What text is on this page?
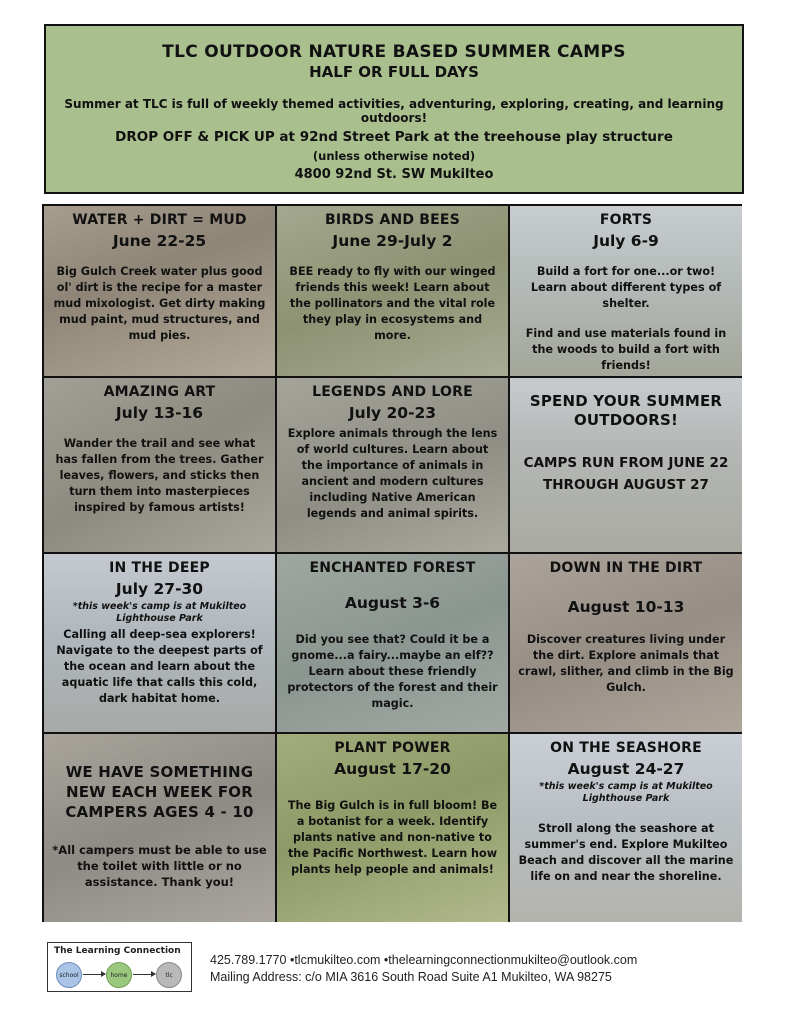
TLC OUTDOOR NATURE BASED SUMMER CAMPS
HALF OR FULL DAYS
Summer at TLC is full of weekly themed activities, adventuring, exploring, creating, and learning outdoors!
DROP OFF & PICK UP at 92nd Street Park at the treehouse play structure
(unless otherwise noted)
4800 92nd St. SW Mukilteo
WATER + DIRT = MUD
June 22-25
Big Gulch Creek water plus good ol' dirt is the recipe for a master mud mixologist. Get dirty making mud paint, mud structures, and mud pies.
BIRDS AND BEES
June 29-July 2
BEE ready to fly with our winged friends this week! Learn about the pollinators and the vital role they play in ecosystems and more.
FORTS
July 6-9
Build a fort for one...or two! Learn about different types of shelter.
Find and use materials found in the woods to build a fort with friends!
AMAZING ART
July 13-16
Wander the trail and see what has fallen from the trees. Gather leaves, flowers, and sticks then turn them into masterpieces inspired by famous artists!
LEGENDS AND LORE
July 20-23
Explore animals through the lens of world cultures. Learn about the importance of animals in ancient and modern cultures including Native American legends and animal spirits.
SPEND YOUR SUMMER OUTDOORS!
CAMPS RUN FROM JUNE 22 THROUGH AUGUST 27
IN THE DEEP
July 27-30
*this week's camp is at Mukilteo Lighthouse Park
Calling all deep-sea explorers! Navigate to the deepest parts of the ocean and learn about the aquatic life that calls this cold, dark habitat home.
ENCHANTED FOREST
August 3-6
Did you see that? Could it be a gnome...a fairy...maybe an elf?? Learn about these friendly protectors of the forest and their magic.
DOWN IN THE DIRT
August 10-13
Discover creatures living under the dirt. Explore animals that crawl, slither, and climb in the Big Gulch.
WE HAVE SOMETHING NEW EACH WEEK FOR CAMPERS AGES 4 - 10
*All campers must be able to use the toilet with little or no assistance. Thank you!
PLANT POWER
August 17-20
The Big Gulch is in full bloom! Be a botanist for a week. Identify plants native and non-native to the Pacific Northwest. Learn how plants help people and animals!
ON THE SEASHORE
August 24-27
*this week's camp is at Mukilteo Lighthouse Park
Stroll along the seashore at summer's end. Explore Mukilteo Beach and discover all the marine life on and near the shoreline.
The Learning Connection
school	home	tlc
425.789.1770 •tlcmukilteo.com •thelearningconnectionmukilteo@outlook.com
Mailing Address: c/o MIA 3616 South Road Suite A1 Mukilteo, WA 98275
